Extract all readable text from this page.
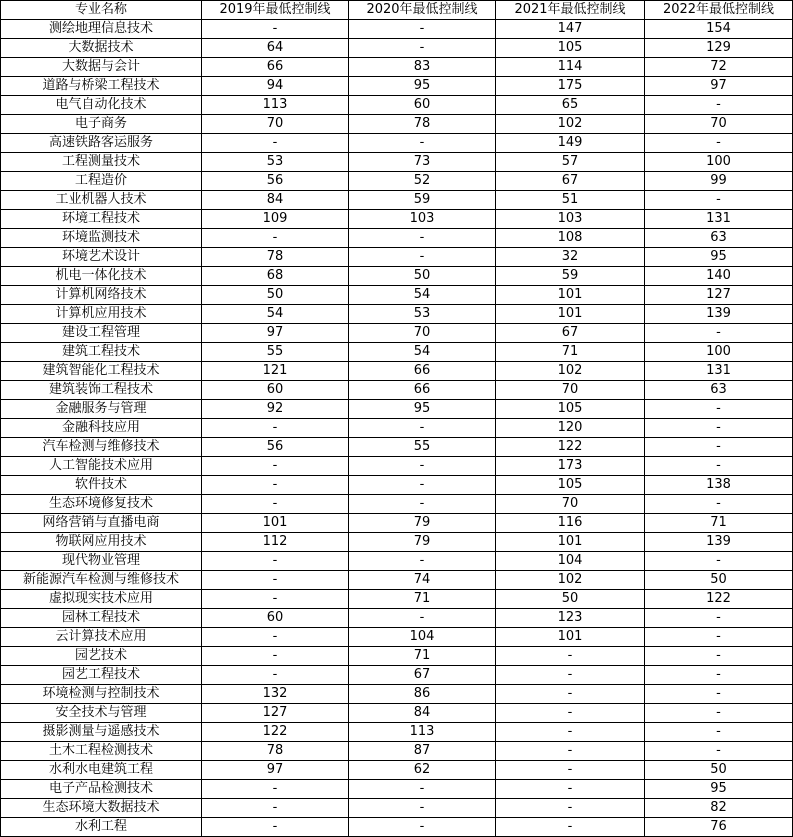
专业名称	2019年最低控制线	2020年最低控制线	2021年最低控制线	2022年最低控制线
测绘地理信息技术	-	-	147	154
大数据技术	64	-	105	129
大数据与会计	66	83	114	72
道路与桥梁工程技术	94	95	175	97
电气自动化技术	113	60	65	-
电子商务	70	78	102	70
高速铁路客运服务	-	-	149	-
工程测量技术	53	73	57	100
工程造价	56	52	67	99
工业机器人技术	84	59	51	-
环境工程技术	109	103	103	131
环境监测技术	-	-	108	63
环境艺术设计	78	-	32	95
机电一体化技术	68	50	59	140
计算机网络技术	50	54	101	127
计算机应用技术	54	53	101	139
建设工程管理	97	70	67	-
建筑工程技术	55	54	71	100
建筑智能化工程技术	121	66	102	131
建筑装饰工程技术	60	66	70	63
金融服务与管理	92	95	105	-
金融科技应用	-	-	120	-
汽车检测与维修技术	56	55	122	-
人工智能技术应用	-	-	173	-
软件技术	-	-	105	138
生态环境修复技术	-	-	70	-
网络营销与直播电商	101	79	116	71
物联网应用技术	112	79	101	139
现代物业管理	-	-	104	-
新能源汽车检测与维修技术	-	74	102	50
虚拟现实技术应用	-	71	50	122
园林工程技术	60	-	123	-
云计算技术应用	-	104	101	-
园艺技术	-	71	-	-
园艺工程技术	-	67	-	-
环境检测与控制技术	132	86	-	-
安全技术与管理	127	84	-	-
摄影测量与遥感技术	122	113	-	-
土木工程检测技术	78	87	-	-
水利水电建筑工程	97	62	-	50
电子产品检测技术	-	-	-	95
生态环境大数据技术	-	-	-	82
水利工程	-	-	-	76
